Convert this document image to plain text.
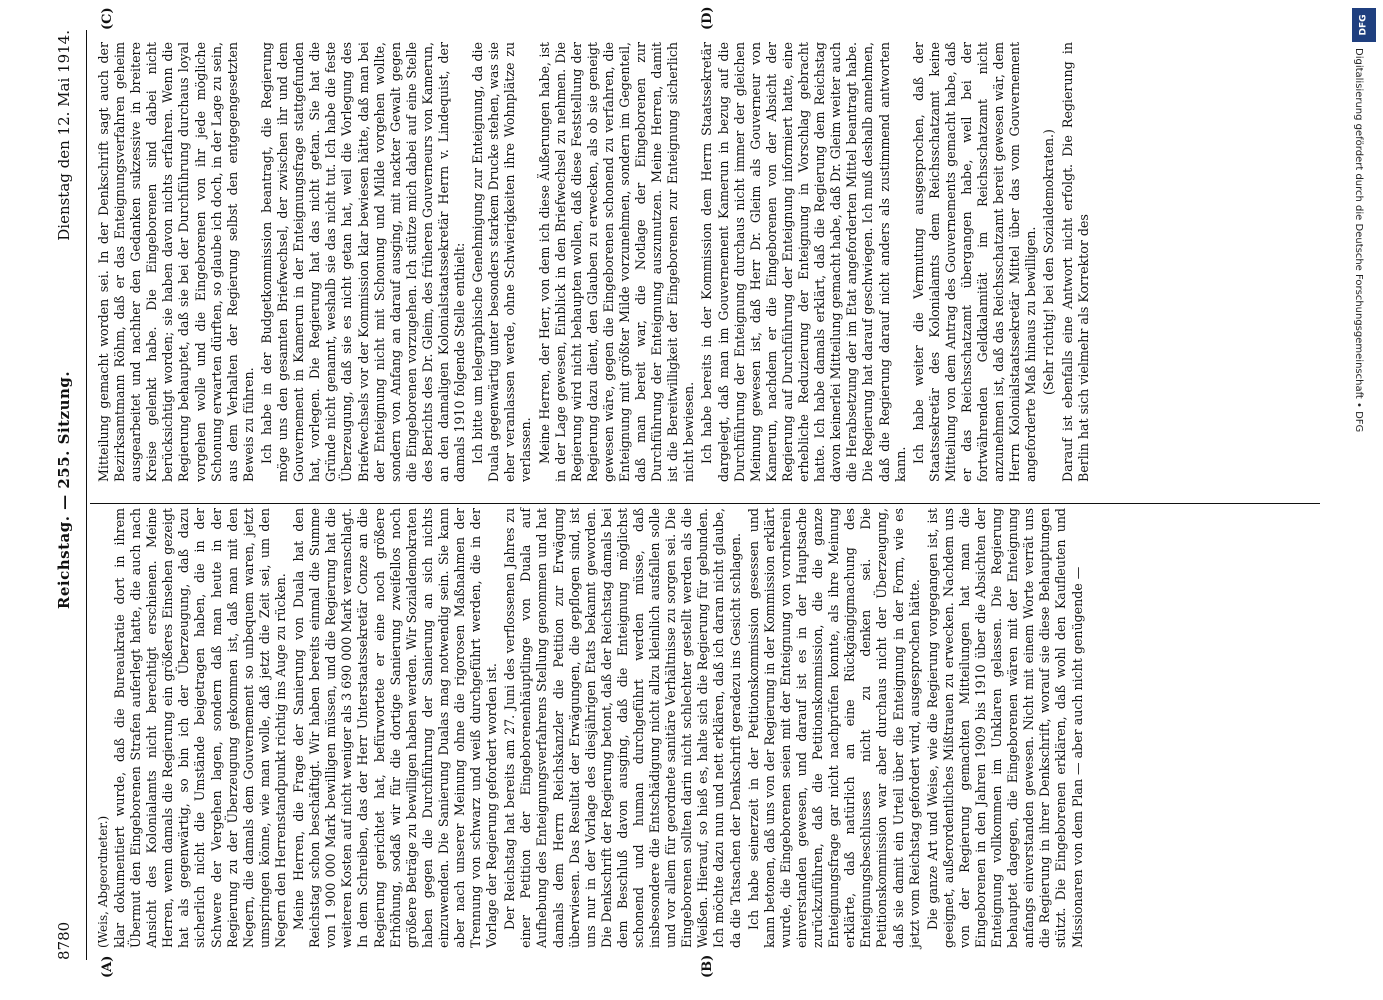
8780
Reichstag. — 255. Sitzung.
Dienstag den 12. Mai 1914.
(A)	(B)
(C)	(D)
(Weis, Abgeordneter.) klar dokumentiert wurde, daß die Bureaukratie dort in ihrem Übermut den Eingeborenen Strafen auferlegt hatte, die auch nach Ansicht des Kolonialamts nicht berechtigt erschienen. Meine Herren, wenn damals die Regierung ein größeres Einsehen gezeigt hat als gegenwärtig, so bin ich der Überzeugung, daß dazu sicherlich nicht die Umstände beigetragen haben, die in der Schwere der Vergehen lagen, sondern daß man heute in der Regierung zu der Überzeugung gekommen ist, daß man mit den Negern, die damals dem Gouvernement so unbequem waren, jetzt umspringen könne, wie man wolle, daß jetzt die Zeit sei, um den Negern den Herrenstandpunkt richtig ins Auge zu rücken. Meine Herren, die Frage der Sanierung von Duala hat den Reichstag schon beschäftigt. Wir haben bereits einmal die Summe von 1 900 000 Mark bewilligen müssen, und die Regierung hat die weiteren Kosten auf nicht weniger als 3 690 000 Mark veranschlagt. In dem Schreiben, das der Herr Unterstaatssekretär Conze an die Regierung gerichtet hat, befürwortete er eine noch größere Erhöhung, sodaß wir für die dortige Sanierung zweifellos noch größere Beträge zu bewilligen haben werden. Wir Sozialdemokraten haben gegen die Durchführung der Sanierung an sich nichts einzuwenden. Die Sanierung Dualas mag notwendig sein. Sie kann aber nach unserer Meinung ohne die rigorosen Maßnahmen der Trennung von schwarz und weiß durchgeführt werden, die in der Vorlage der Regierung gefordert worden ist. Der Reichstag hat bereits am 27. Juni des verflossenen Jahres zu einer Petition der Eingeborenenhäuptlinge von Duala auf Aufhebung des Enteignungsverfahrens Stellung genommen und hat damals dem Herrn Reichskanzler die Petition zur Erwägung überwiesen. Das Resultat der Erwägungen, die gepflogen sind, ist uns nur in der Vorlage des diesjährigen Etats bekannt geworden. Die Denkschrift der Regierung betont, daß der Reichstag damals bei dem Beschluß davon ausging, daß die Enteignung möglichst schonend und human durchgeführt werden müsse, daß insbesondere die Entschädigung nicht allzu kleinlich ausfallen solle und vor allem für geordnete sanitäre Verhältnisse zu sorgen sei. Die Eingeborenen sollten darin nicht schlechter gestellt werden als die Weißen. Hierauf, so hieß es, halte sich die Regierung für gebunden. Ich möchte dazu nun und nett erklären, daß ich daran nicht glaube, da die Tatsachen der Denkschrift geradezu ins Gesicht schlagen. Ich habe seinerzeit in der Petitionskommission gesessen und kann betonen, daß uns von der Regierung in der Kommission erklärt wurde, die Eingeborenen seien mit der Enteignung von vornherein einverstanden gewesen, und darauf ist es in der Hauptsache zurückzuführen, daß die Petitionskommission, die die ganze Enteignungsfrage gar nicht nachprüfen konnte, als ihre Meinung erklärte, daß natürlich an eine Rückgängigmachung des Enteignungsbeschlusses nicht zu denken sei. Die Petitionskommission war aber durchaus nicht der Überzeugung, daß sie damit ein Urteil über die Enteignung in der Form, wie es jetzt vom Reichstag gefordert wird, ausgesprochen hätte. Die ganze Art und Weise, wie die Regierung vorgegangen ist, ist geeignet, außerordentliches Mißtrauen zu erwecken. Nachdem uns von der Regierung gemachten Mitteilungen hat man die Eingeborenen in den Jahren 1909 bis 1910 über die Absichten der Enteignung vollkommen im Unklaren gelassen. Die Regierung behauptet dagegen, die Eingeborenen wären mit der Enteignung anfangs einverstanden gewesen. Nicht mit einem Worte verrät uns die Regierung in ihrer Denkschrift, worauf sie diese Behauptungen stützt. Die Eingeborenen erklären, daß wohl den Kaufleuten und Missionaren von dem Plan — aber auch nicht genügende —

Mitteilung gemacht worden sei. In der Denkschrift sagt auch der Bezirksamtmann Röhm, daß er das Enteignungsverfahren geheim ausgearbeitet und nachher den Gedanken sukzessive in breitere Kreise gelenkt habe. Die Eingeborenen sind dabei nicht berücksichtigt worden; sie haben davon nichts erfahren. Wenn die Regierung behauptet, daß sie bei der Durchführung durchaus loyal vorgehen wolle und die Eingeborenen von ihr jede mögliche Schonung erwarten dürften, so glaube ich doch, in der Lage zu sein, aus dem Verhalten der Regierung selbst den entgegengesetzten Beweis zu führen. Ich habe in der Budgetkommission beantragt, die Regierung möge uns den gesamten Briefwechsel, der zwischen ihr und dem Gouvernement in Kamerun in der Enteignungsfrage stattgefunden hat, vorlegen. Die Regierung hat das nicht getan. Sie hat die Gründe nicht genannt, weshalb sie das nicht tut. Ich habe die feste Überzeugung, daß sie es nicht getan hat, weil die Vorlegung des Briefwechsels vor der Kommission klar bewiesen hätte, daß man bei der Enteignung nicht mit Schonung und Milde vorgehen wollte, sondern von Anfang an darauf ausging, mit nackter Gewalt gegen die Eingeborenen vorzugehen. Ich stütze mich dabei auf eine Stelle des Berichts des Dr. Gleim, des früheren Gouverneurs von Kamerun, an den damaligen Kolonialstaatssekretär Herrn v. Lindequist, der damals 1910 folgende Stelle enthielt: Ich bitte um telegraphische Genehmigung zur Enteignung, da die Duala gegenwärtig unter besonders starkem Drucke stehen, was sie eher veranlassen werde, ohne Schwierigkeiten ihre Wohnplätze zu verlassen. Meine Herren, der Herr, von dem ich diese Äußerungen habe, ist in der Lage gewesen, Einblick in den Briefwechsel zu nehmen. Die Regierung wird nicht behaupten wollen, daß diese Feststellung der Regierung dazu dient, den Glauben zu erwecken, als ob sie geneigt gewesen wäre, gegen die Eingeborenen schonend zu verfahren, die Enteignung mit größter Milde vorzunehmen, sondern im Gegenteil, daß man bereit war, die Notlage der Eingeborenen zur Durchführung der Enteignung auszunutzen. Meine Herren, damit ist die Bereitwilligkeit der Eingeborenen zur Enteignung sicherlich nicht bewiesen. Ich habe bereits in der Kommission dem Herrn Staatssekretär dargelegt, daß man im Gouvernement Kamerun in bezug auf die Durchführung der Enteignung durchaus nicht immer der gleichen Meinung gewesen ist, daß Herr Dr. Gleim als Gouverneur von Kamerun, nachdem er die Eingeborenen von der Absicht der Regierung auf Durchführung der Enteignung informiert hatte, eine erhebliche Reduzierung der Enteignung in Vorschlag gebracht hatte. Ich habe damals erklärt, daß die Regierung dem Reichstag davon keinerlei Mitteilung gemacht habe, daß Dr. Gleim weiter auch die Herabsetzung der im Etat angeforderten Mittel beantragt habe. Die Regierung hat darauf geschwiegen. Ich muß deshalb annehmen, daß die Regierung darauf nicht anders als zustimmend antworten kann.

Ich habe weiter die Vermutung ausgesprochen, daß der Staatssekretär des Kolonialamts dem Reichsschatzamt keine Mitteilung von dem Antrag des Gouvernements gemacht habe, daß er das Reichsschatzamt übergangen habe, weil bei der fortwährenden Geldkalamität im Reichsschatzamt nicht anzunehmen ist, daß das Reichsschatzamt bereit gewesen wär, dem Herrn Kolonialstaatssekretär Mittel über das vom Gouvernement angeforderte Maß hinaus zu bewilligen. (Sehr richtig! bei den Sozialdemokraten.) Darauf ist ebenfalls eine Antwort nicht erfolgt. Die Regierung in Berlin hat sich vielmehr als Korrektor des

DFG
Digitalisierung gefördert durch die Deutsche Forschungsgemeinschaft • DFG
